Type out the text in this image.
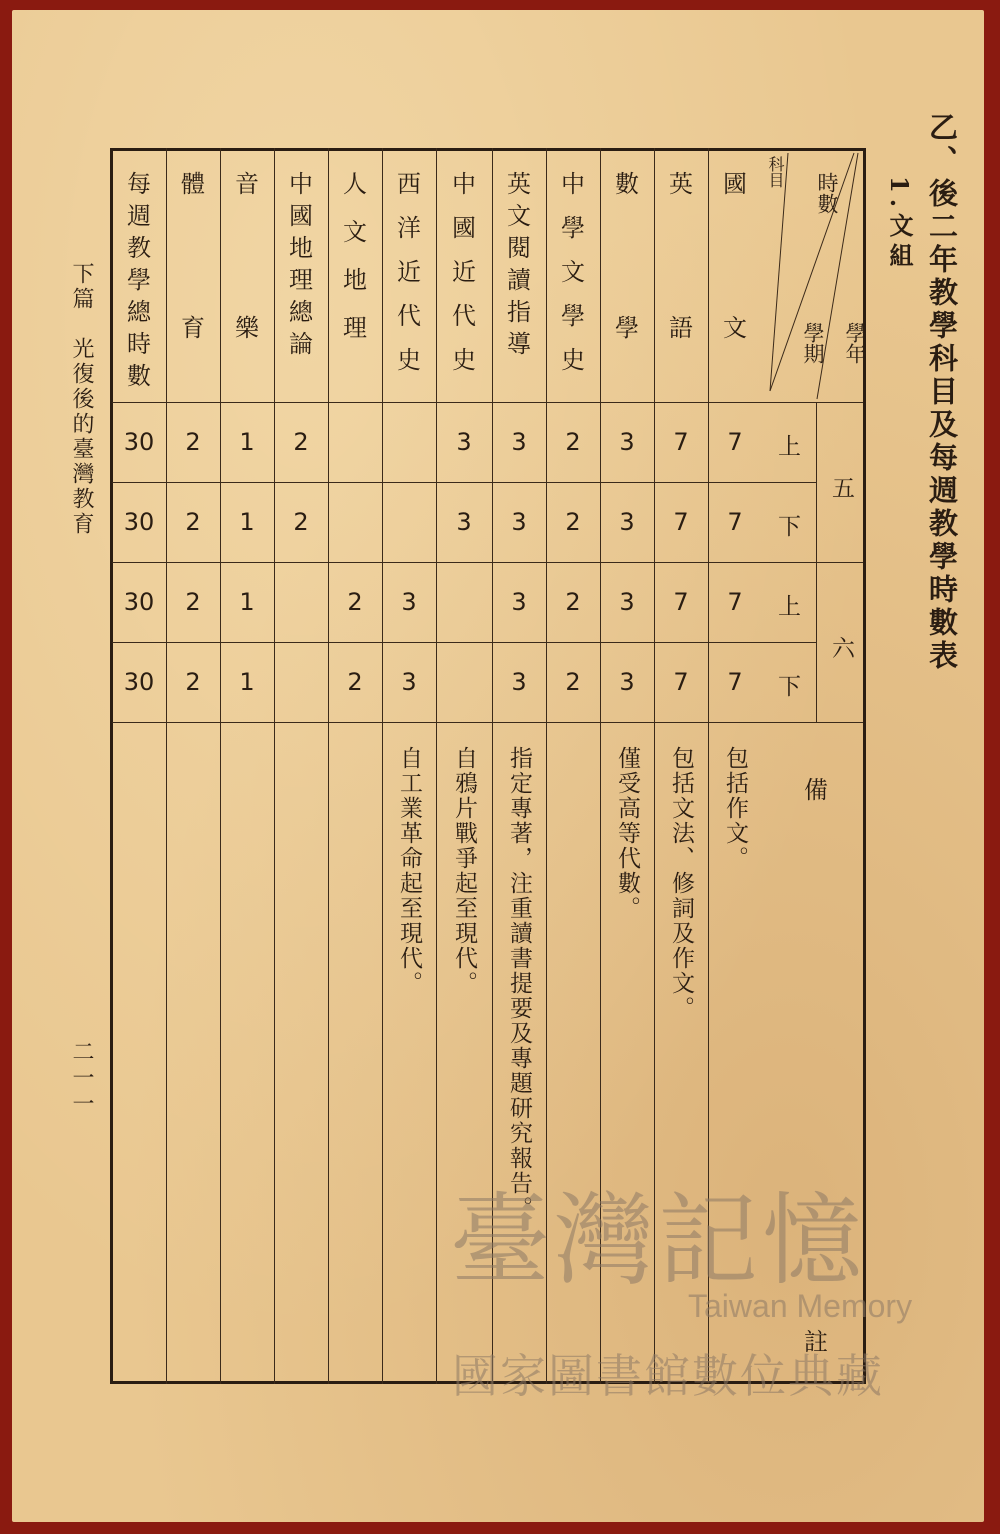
乙、後二年教學科目及每週教學時數表
1.文組
下篇　光復後的臺灣教育
二一一
國
文
7
7
7
7
包括作文。
英
語
7
7
7
7
包括文法、修詞及作文。
數
學
3
3
3
3
僅受高等代數。
中
學
文
學
史
2
2
2
2
英
文
閱
讀
指
導
3
3
3
3
指定專著，注重讀書提要及專題研究報告。
中
國
近
代
史
3
3
自鴉片戰爭起至現代。
西
洋
近
代
史
3
3
自工業革命起至現代。
人
文
地
理
2
2
中
國
地
理
總
論
2
2
音
樂
1
1
1
1
體
育
2
2
2
2
每
週
教
學
總
時
數
30
30
30
30
科目 時數
學期 學年
五
六
上
下
上
下
備
註
臺灣記憶
Taiwan Memory
國家圖書館數位典藏
